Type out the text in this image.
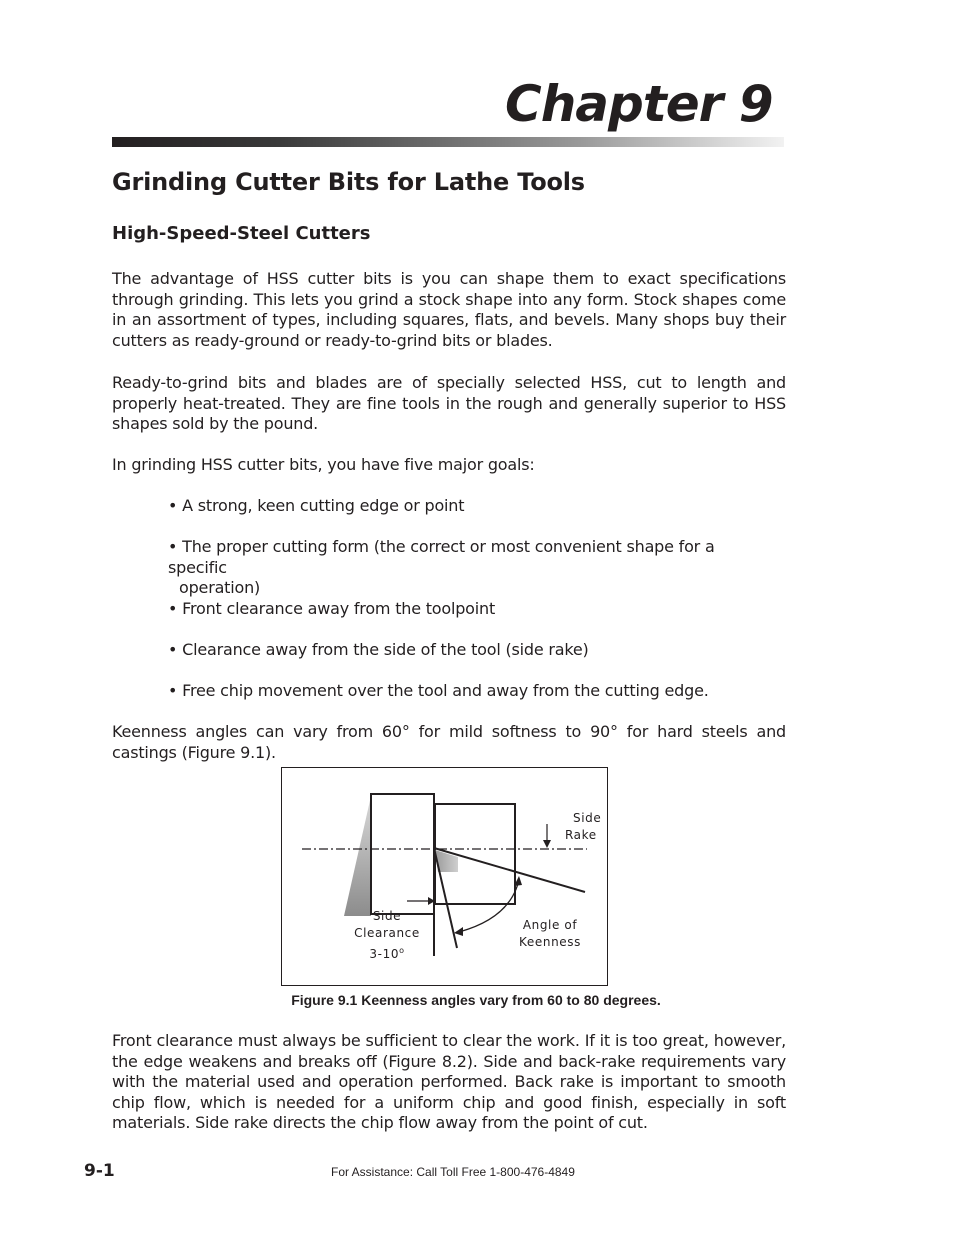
Chapter 9
Grinding Cutter Bits for Lathe Tools
High-Speed-Steel Cutters

The advantage of HSS cutter bits is you can shape them to exact specifications through grinding. This lets you grind a stock shape into any form. Stock shapes come in an assortment of types, including squares, flats, and bevels. Many shops buy their cutters as ready-ground or ready-to-grind bits or blades.

Ready-to-grind bits and blades are of specially selected HSS, cut to length and properly heat-treated. They are fine tools in the rough and generally superior to HSS shapes sold by the pound.

In grinding HSS cutter bits, you have five major goals:

• A strong, keen cutting edge or point

• The proper cutting form (the correct or most convenient shape for a specific
operation)

• Front clearance away from the toolpoint

• Clearance away from the side of the tool (side rake)

• Free chip movement over the tool and away from the cutting edge.

Keenness angles can vary from 60° for mild softness to 90° for hard steels and castings (Figure 9.1).

Side
Rake

Side Clearance
3-10$^o$

Angle of
Keenness

Figure 9.1 Keenness angles vary from 60 to 80 degrees.

Front clearance must always be sufficient to clear the work. If it is too great, however, the edge weakens and breaks off (Figure 8.2). Side and back-rake requirements vary with the material used and operation performed. Back rake is important to smooth chip flow, which is needed for a uniform chip and good finish, especially in soft materials. Side rake directs the chip flow away from the point of cut.

9-1	For Assistance: Call Toll Free 1-800-476-4849
